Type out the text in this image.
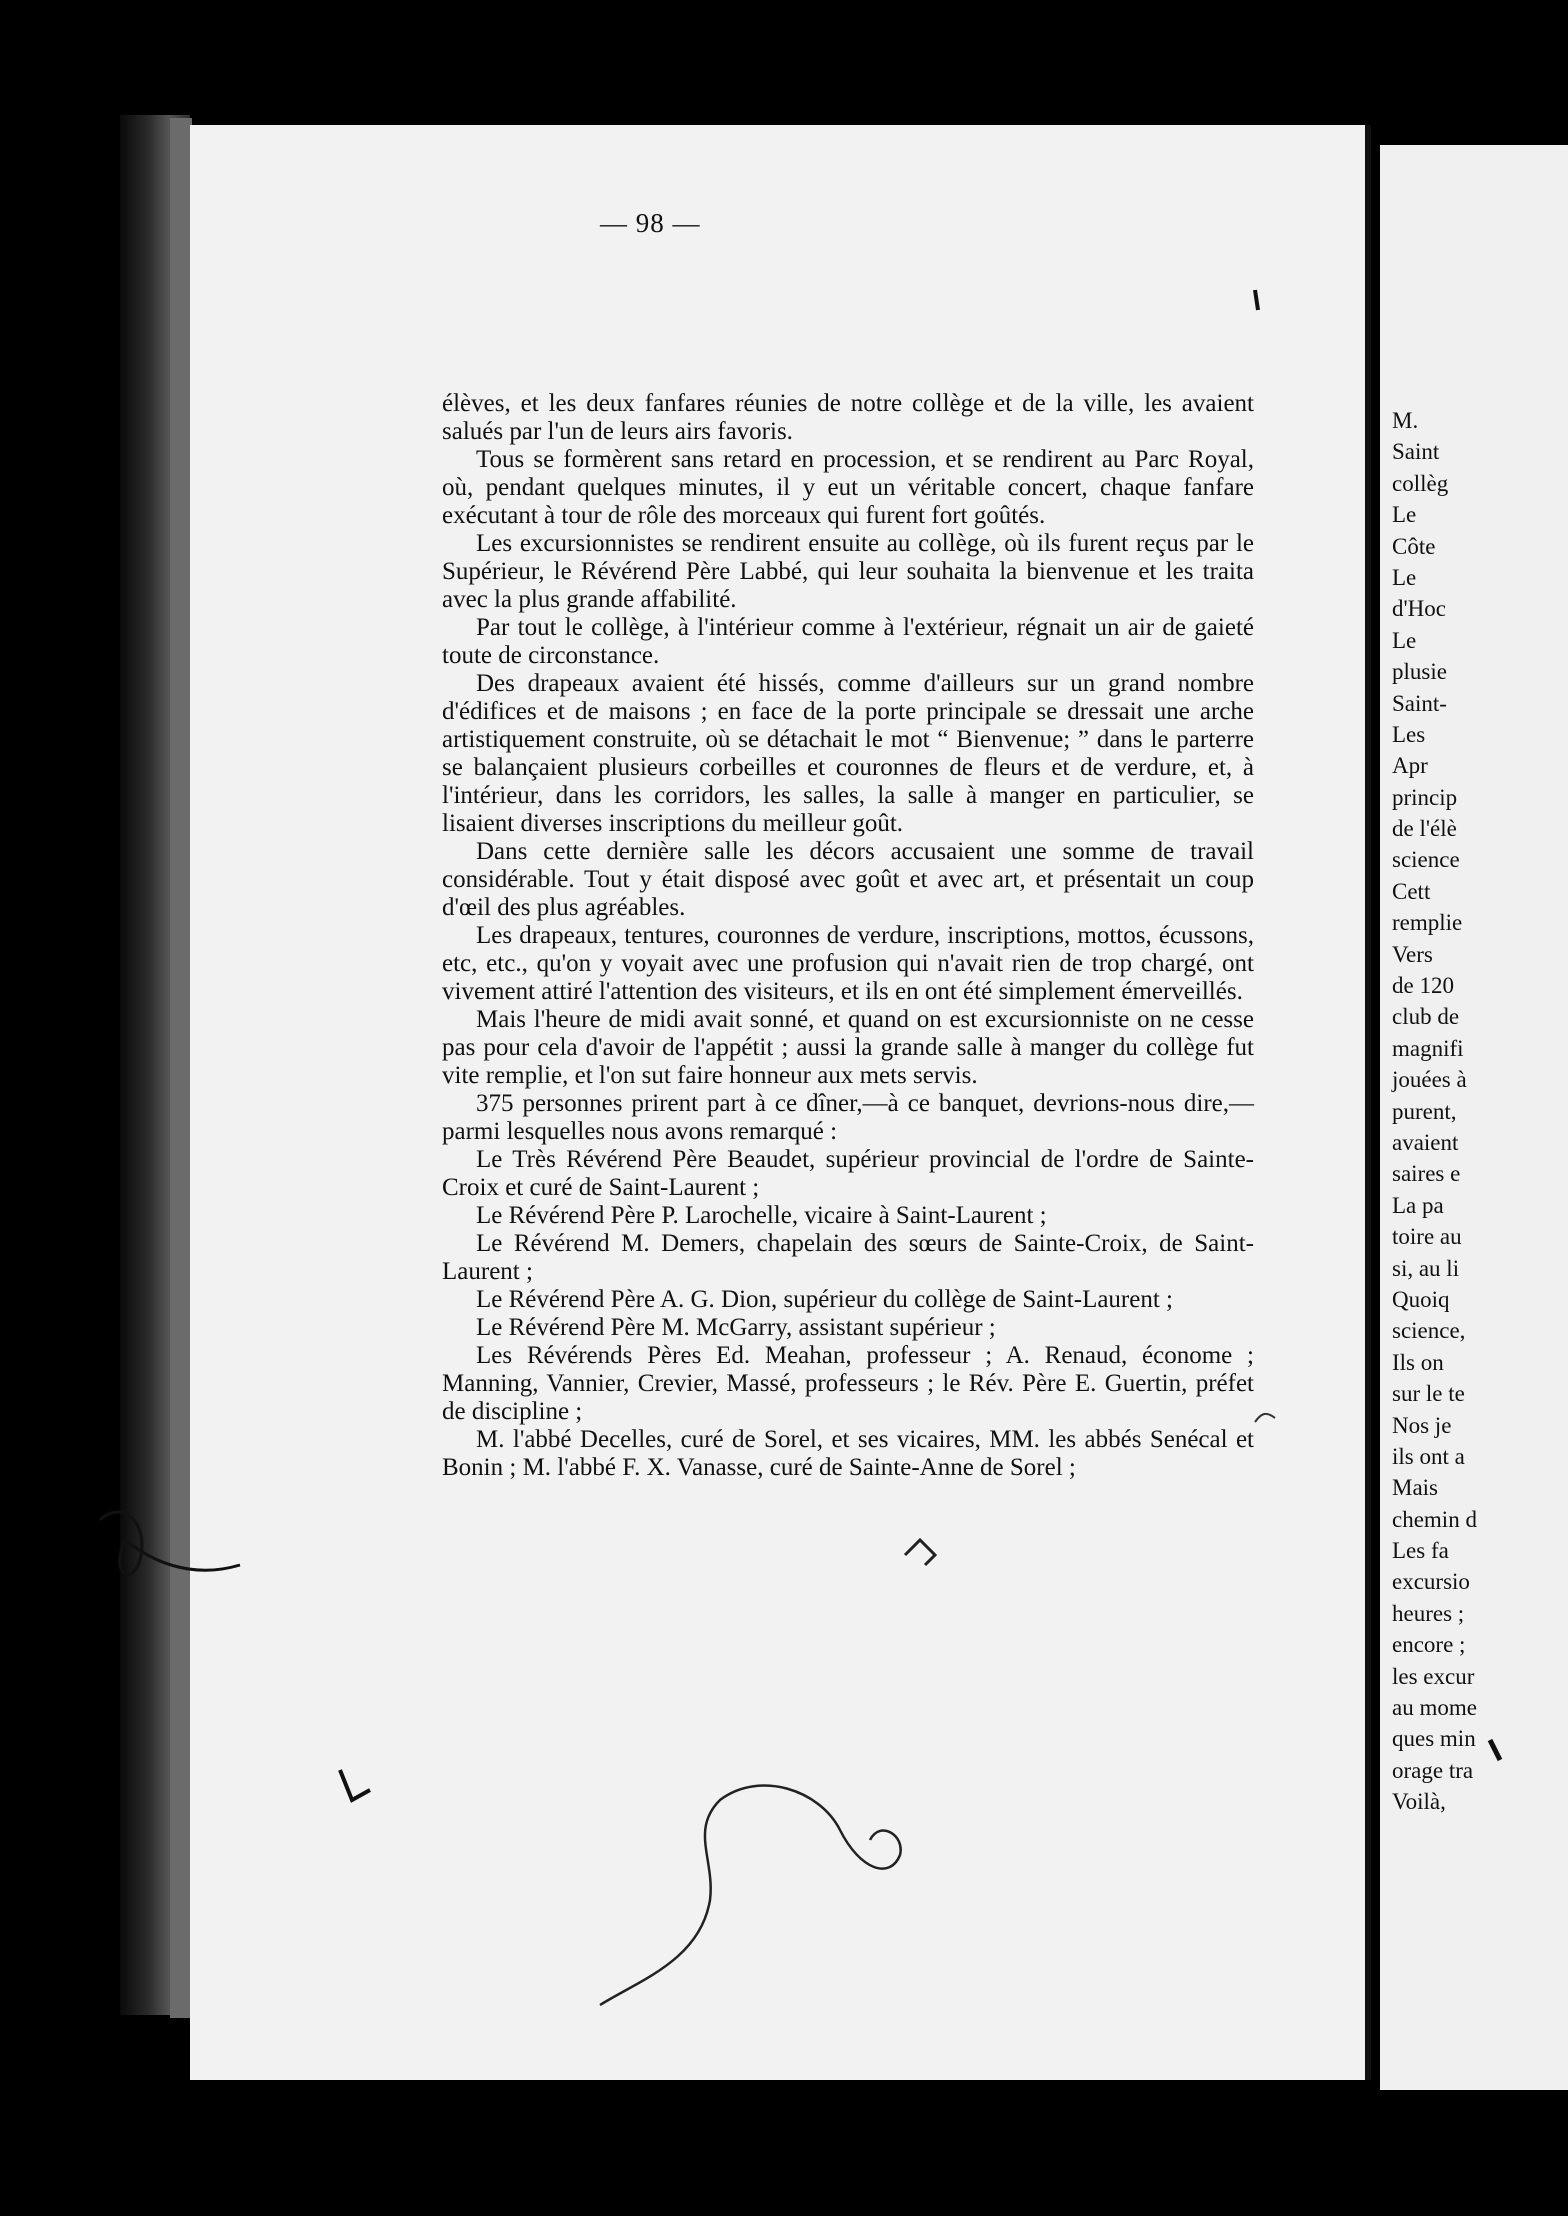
— 98 —

élèves, et les deux fanfares réunies de notre collège et de la ville, les avaient salués par l'un de leurs airs favoris.

Tous se formèrent sans retard en procession, et se rendirent au Parc Royal, où, pendant quelques minutes, il y eut un véritable concert, chaque fanfare exécutant à tour de rôle des morceaux qui furent fort goûtés.

Les excursionnistes se rendirent ensuite au collège, où ils furent reçus par le Supérieur, le Révérend Père Labbé, qui leur souhaita la bienvenue et les traita avec la plus grande affabilité.

Par tout le collège, à l'intérieur comme à l'extérieur, régnait un air de gaieté toute de circonstance.

Des drapeaux avaient été hissés, comme d'ailleurs sur un grand nombre d'édifices et de maisons ; en face de la porte principale se dressait une arche artistiquement construite, où se détachait le mot “ Bienvenue; ” dans le parterre se balançaient plusieurs corbeilles et couronnes de fleurs et de verdure, et, à l'intérieur, dans les corridors, les salles, la salle à manger en particulier, se lisaient diverses inscriptions du meilleur goût.

Dans cette dernière salle les décors accusaient une somme de travail considérable. Tout y était disposé avec goût et avec art, et présentait un coup d'œil des plus agréables.

Les drapeaux, tentures, couronnes de verdure, inscriptions, mottos, écussons, etc, etc., qu'on y voyait avec une profusion qui n'avait rien de trop chargé, ont vivement attiré l'attention des visiteurs, et ils en ont été simplement émerveillés.

Mais l'heure de midi avait sonné, et quand on est excursionniste on ne cesse pas pour cela d'avoir de l'appétit ; aussi la grande salle à manger du collège fut vite remplie, et l'on sut faire honneur aux mets servis.

375 personnes prirent part à ce dîner,—à ce banquet, devrions-nous dire,—parmi lesquelles nous avons remarqué :

Le Très Révérend Père Beaudet, supérieur provincial de l'ordre de Sainte-Croix et curé de Saint-Laurent ;

Le Révérend Père P. Larochelle, vicaire à Saint-Laurent ;

Le Révérend M. Demers, chapelain des sœurs de Sainte-Croix, de Saint-Laurent ;

Le Révérend Père A. G. Dion, supérieur du collège de Saint-Laurent ;

Le Révérend Père M. McGarry, assistant supérieur ;

Les Révérends Pères Ed. Meahan, professeur ; A. Renaud, économe ; Manning, Vannier, Crevier, Massé, professeurs ; le Rév. Père E. Guertin, préfet de discipline ;

M. l'abbé Decelles, curé de Sorel, et ses vicaires, MM. les abbés Senécal et Bonin ; M. l'abbé F. X. Vanasse, curé de Sainte-Anne de Sorel ;

M.
Saint
collèg
Le
Côte
Le
d'Hoc
Le
plusie
Saint-
Les
Apr
princip
de l'élè
science
Cett
remplie
Vers
de 120
club de
magnifi
jouées à
purent,
avaient
saires e
La pa
toire au
si, au li
Quoiq
science,
Ils on
sur le te
Nos je
ils ont a
Mais
chemin d
Les fa
excursio
heures ;
encore ;
les excur
au mome
ques min
orage tra
Voilà,
